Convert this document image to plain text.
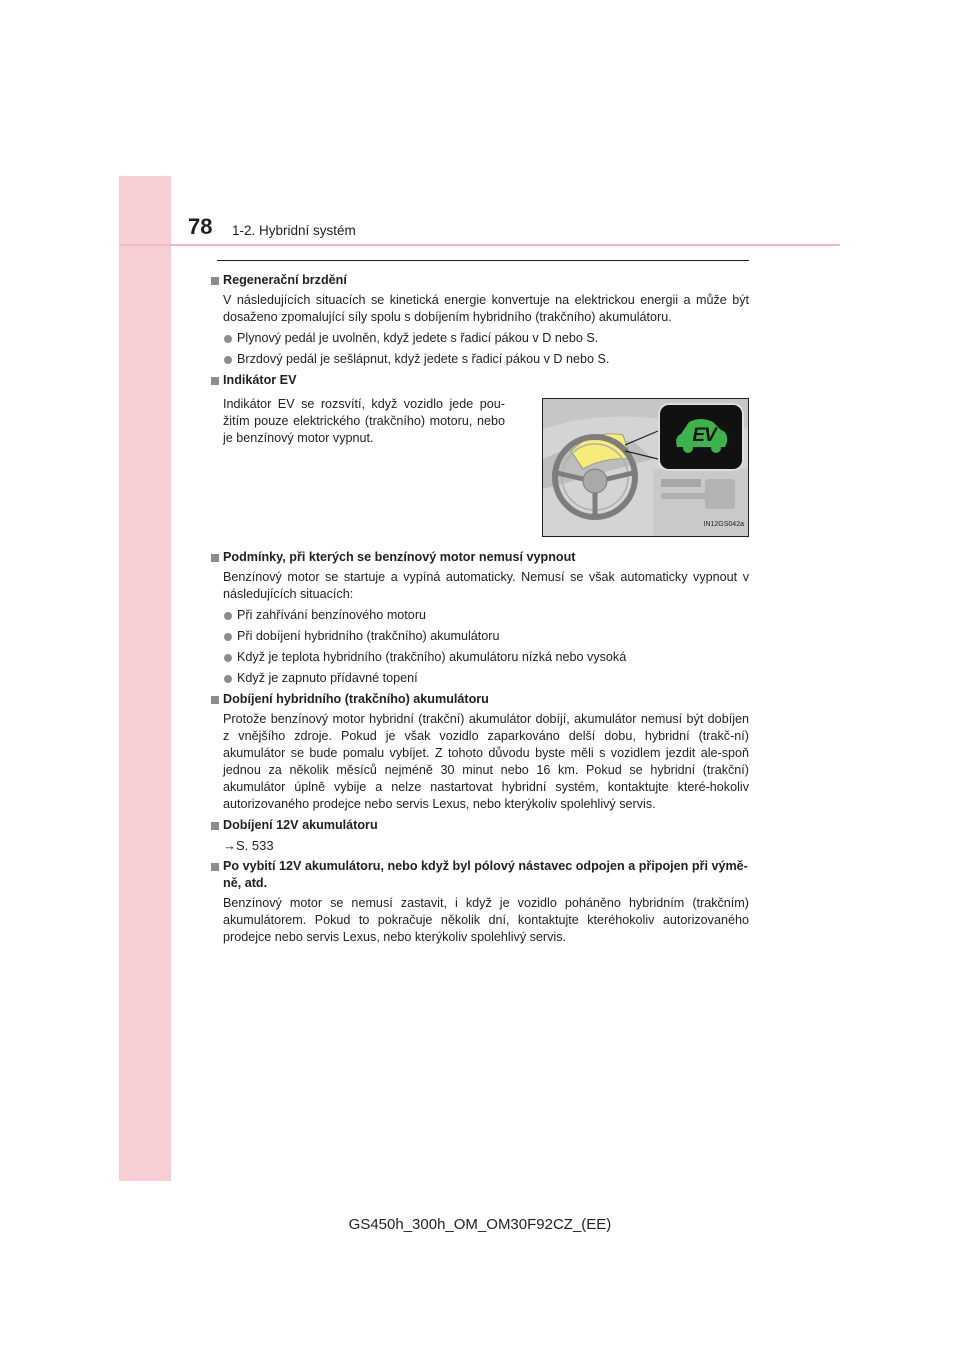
78 1-2. Hybridní systém
Regenerační brzdění
V následujících situacích se kinetická energie konvertuje na elektrickou energii a může být dosaženo zpomalující síly spolu s dobíjením hybridního (trakčního) akumulátoru.
Plynový pedál je uvolněn, když jedete s řadicí pákou v D nebo S.
Brzdový pedál je sešlápnut, když jedete s řadicí pákou v D nebo S.
Indikátor EV
Indikátor EV se rozsvítí, když vozidlo jede pou-žitím pouze elektrického (trakčního) motoru, nebo je benzínový motor vypnut.	EV
IN12GS042a
Podmínky, při kterých se benzínový motor nemusí vypnout
Benzínový motor se startuje a vypíná automaticky. Nemusí se však automaticky vypnout v následujících situacích:
Při zahřívání benzínového motoru
Při dobíjení hybridního (trakčního) akumulátoru
Když je teplota hybridního (trakčního) akumulátoru nízká nebo vysoká
Když je zapnuto přídavné topení
Dobíjení hybridního (trakčního) akumulátoru
Protože benzínový motor hybridní (trakční) akumulátor dobíjí, akumulátor nemusí být dobíjen z vnějšího zdroje. Pokud je však vozidlo zaparkováno delší dobu, hybridní (trakč-ní) akumulátor se bude pomalu vybíjet. Z tohoto důvodu byste měli s vozidlem jezdit ale-spoň jednou za několik měsíců nejméně 30 minut nebo 16 km. Pokud se hybridní (trakční) akumulátor úplně vybije a nelze nastartovat hybridní systém, kontaktujte které-hokoliv autorizovaného prodejce nebo servis Lexus, nebo kterýkoliv spolehlivý servis.
Dobíjení 12V akumulátoru
→S. 533
Po vybití 12V akumulátoru, nebo když byl pólový nástavec odpojen a připojen při výmě-ně, atd.
Benzínový motor se nemusí zastavit, i když je vozidlo poháněno hybridním (trakčním) akumulátorem. Pokud to pokračuje několik dní, kontaktujte kteréhokoliv autorizovaného prodejce nebo servis Lexus, nebo kterýkoliv spolehlivý servis.
GS450h_300h_OM_OM30F92CZ_(EE)
